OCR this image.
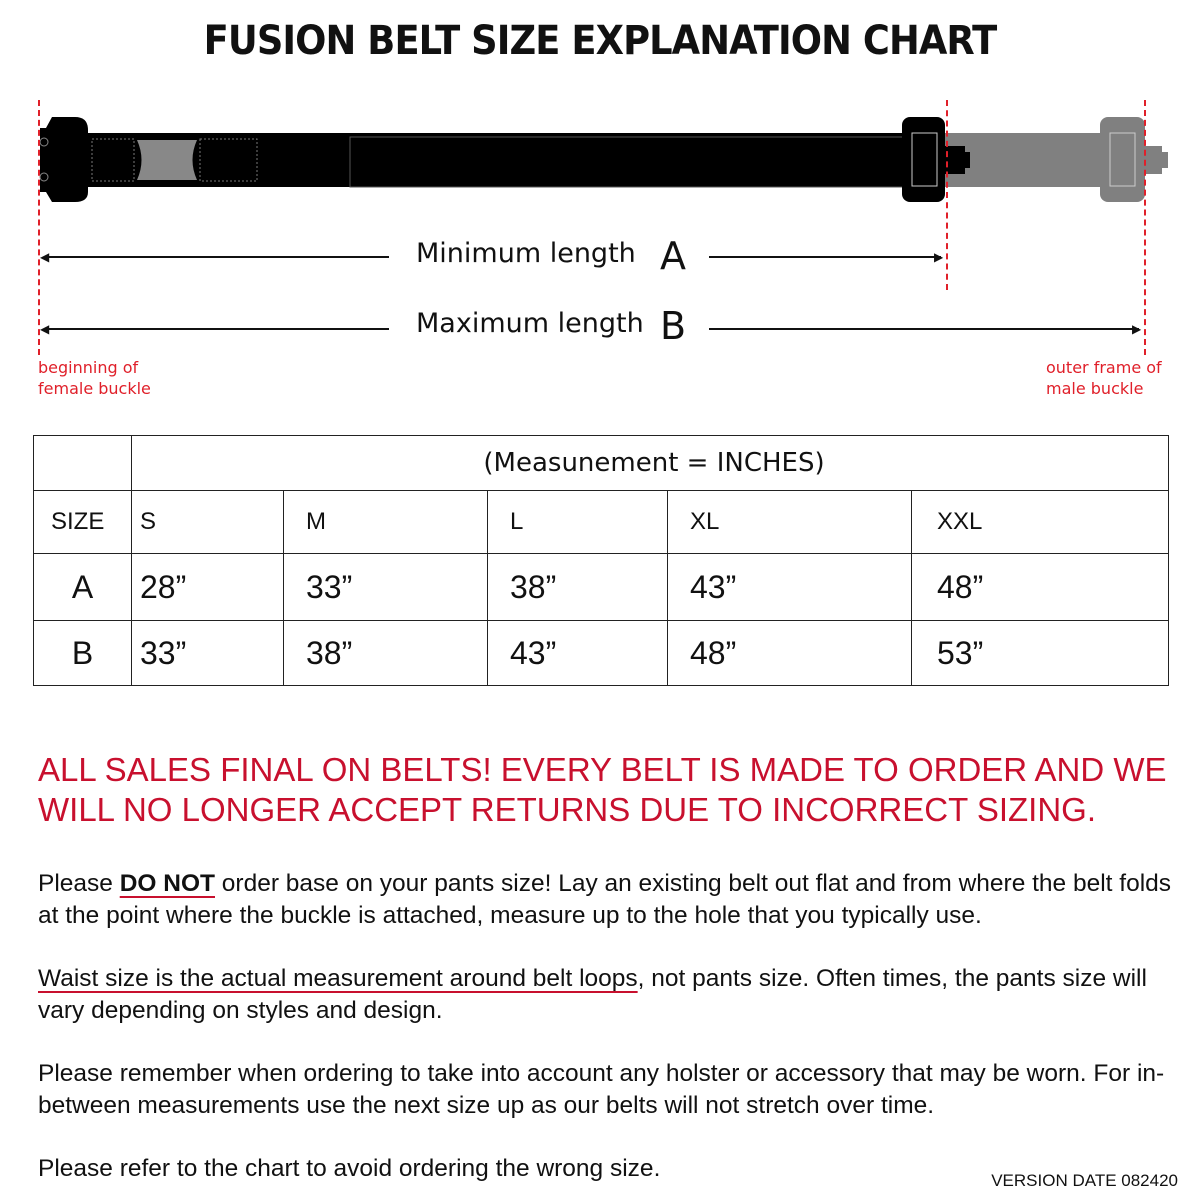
FUSION BELT SIZE EXPLANATION CHART
◀	▶
Minimum length A
◀	▶
Maximum length B
beginning of
female buckle
outer frame of
male buckle
	(Measunement = INCHES)				
SIZE	S	M	L	XL	XXL
A	28”	33”	38”	43”	48”
B	33”	38”	43”	48”	53”
ALL SALES FINAL ON BELTS! EVERY BELT IS MADE TO ORDER AND WE
WILL NO LONGER ACCEPT RETURNS DUE TO INCORRECT SIZING.
Please DO NOT order base on your pants size! Lay an existing belt out flat and from where the belt folds at the point where the buckle is attached, measure up to the hole that you typically use.
Waist size is the actual measurement around belt loops, not pants size. Often times, the pants size will vary depending on styles and design.
Please remember when ordering to take into account any holster or accessory that may be worn. For in-between measurements use the next size up as our belts will not stretch over time.
Please refer to the chart to avoid ordering the wrong size.	VERSION DATE 082420
